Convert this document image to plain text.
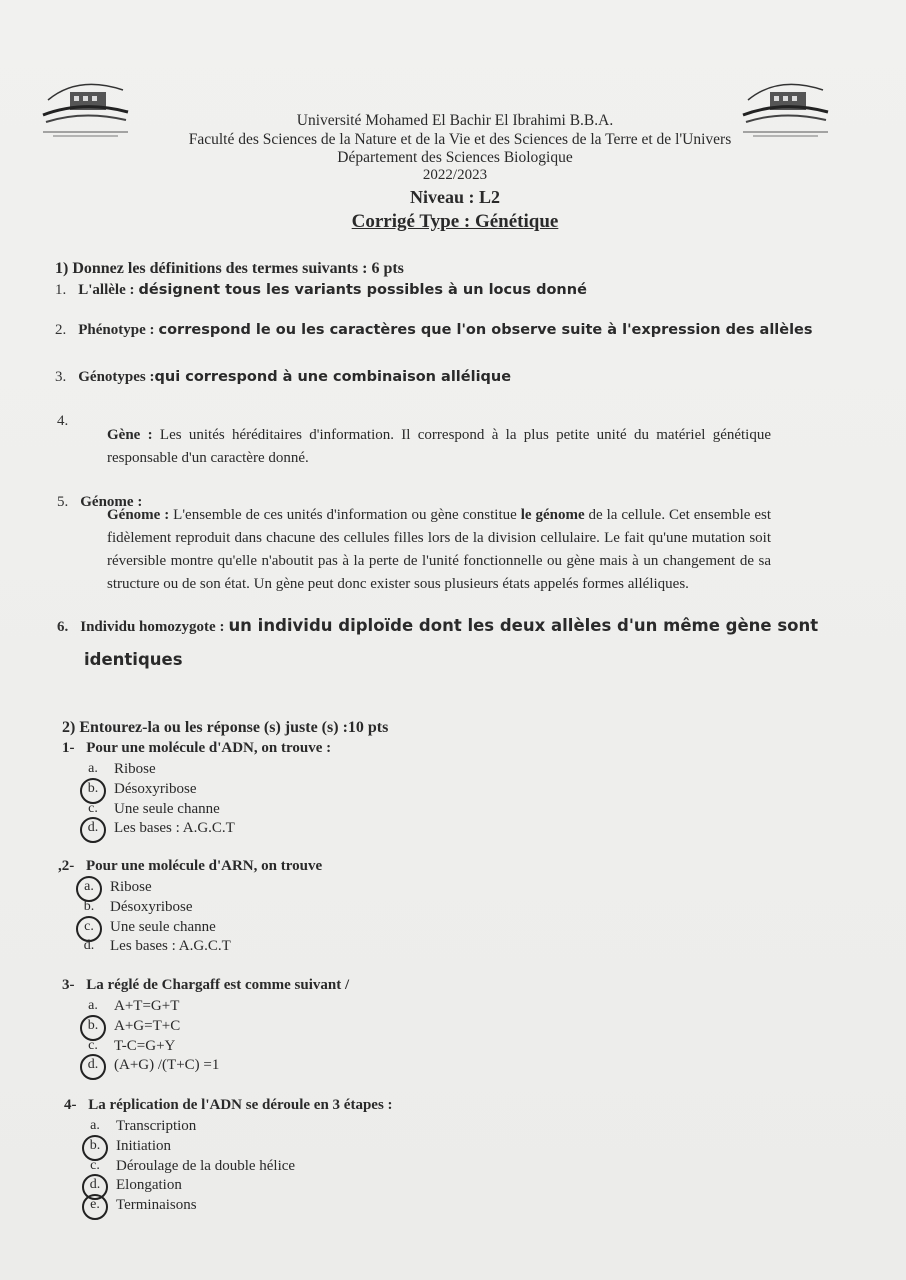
Université Mohamed El Bachir El Ibrahimi B.B.A.
Faculté des Sciences de la Nature et de la Vie et des Sciences de la Terre et de l'Univers
Département des Sciences Biologique
2022/2023
Niveau : L2
Corrigé Type : Génétique
1) Donnez les définitions des termes suivants : 6 pts
1. L'allèle : désignent tous les variants possibles à un locus donné
2. Phénotype : correspond le ou les caractères que l'on observe suite à l'expression des allèles
3. Génotypes :qui correspond à une combinaison allélique
4.
Gène : Les unités héréditaires d'information. Il correspond à la plus petite unité du matériel génétique responsable d'un caractère donné.
5. Génome :
Génome : L'ensemble de ces unités d'information ou gène constitue le génome de la cellule. Cet ensemble est fidèlement reproduit dans chacune des cellules filles lors de la division cellulaire. Le fait qu'une mutation soit réversible montre qu'elle n'aboutit pas à la perte de l'unité fonctionnelle ou gène mais à un changement de sa structure ou de son état. Un gène peut donc exister sous plusieurs états appelés formes alléliques.
6. Individu homozygote : un individu diploïde dont les deux allèles d'un même gène sont
identiques
2) Entourez-la ou les réponse (s) juste (s) :10 pts
1- Pour une molécule d'ADN, on trouve :
a.	Ribose
b.	Désoxyribose
c.	Une seule channe
d.	Les bases : A.G.C.T
,2- Pour une molécule d'ARN, on trouve
a.	Ribose
b.	Désoxyribose
c.	Une seule channe
d.	Les bases : A.G.C.T
3- La réglé de Chargaff est comme suivant /
a.	A+T=G+T
b.	A+G=T+C
c.	T-C=G+Y
d.	(A+G) /(T+C) =1
4- La réplication de l'ADN se déroule en 3 étapes :
a.	Transcription
b.	Initiation
c.	Déroulage de la double hélice
d.	Elongation
e.	Terminaisons
